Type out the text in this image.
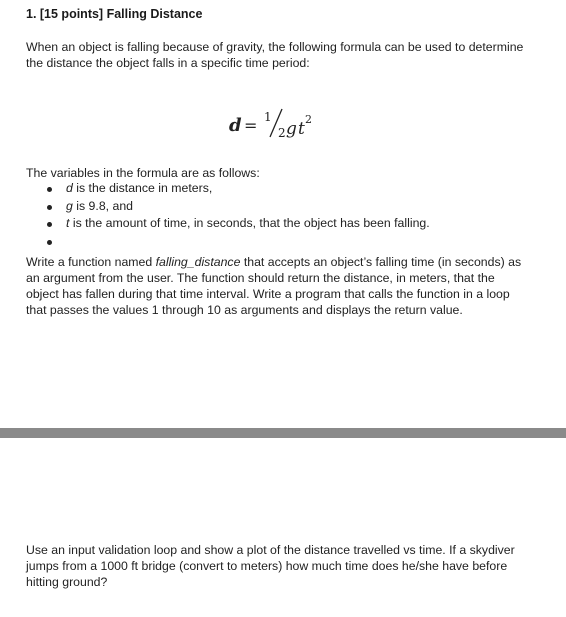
1. [15 points] Falling Distance
When an object is falling because of gravity, the following formula can be used to determine the distance the object falls in a specific time period:
d = 1
2 g t 2
The variables in the formula are as follows:
d is the distance in meters,
g is 9.8, and
t is the amount of time, in seconds, that the object has been falling.
Write a function named falling_distance that accepts an object’s falling time (in seconds) as an argument from the user. The function should return the distance, in meters, that the object has fallen during that time interval. Write a program that calls the function in a loop that passes the values 1 through 10 as arguments and displays the return value.
Use an input validation loop and show a plot of the distance travelled vs time. If a skydiver jumps from a 1000 ft bridge (convert to meters) how much time does he/she have before hitting ground?
